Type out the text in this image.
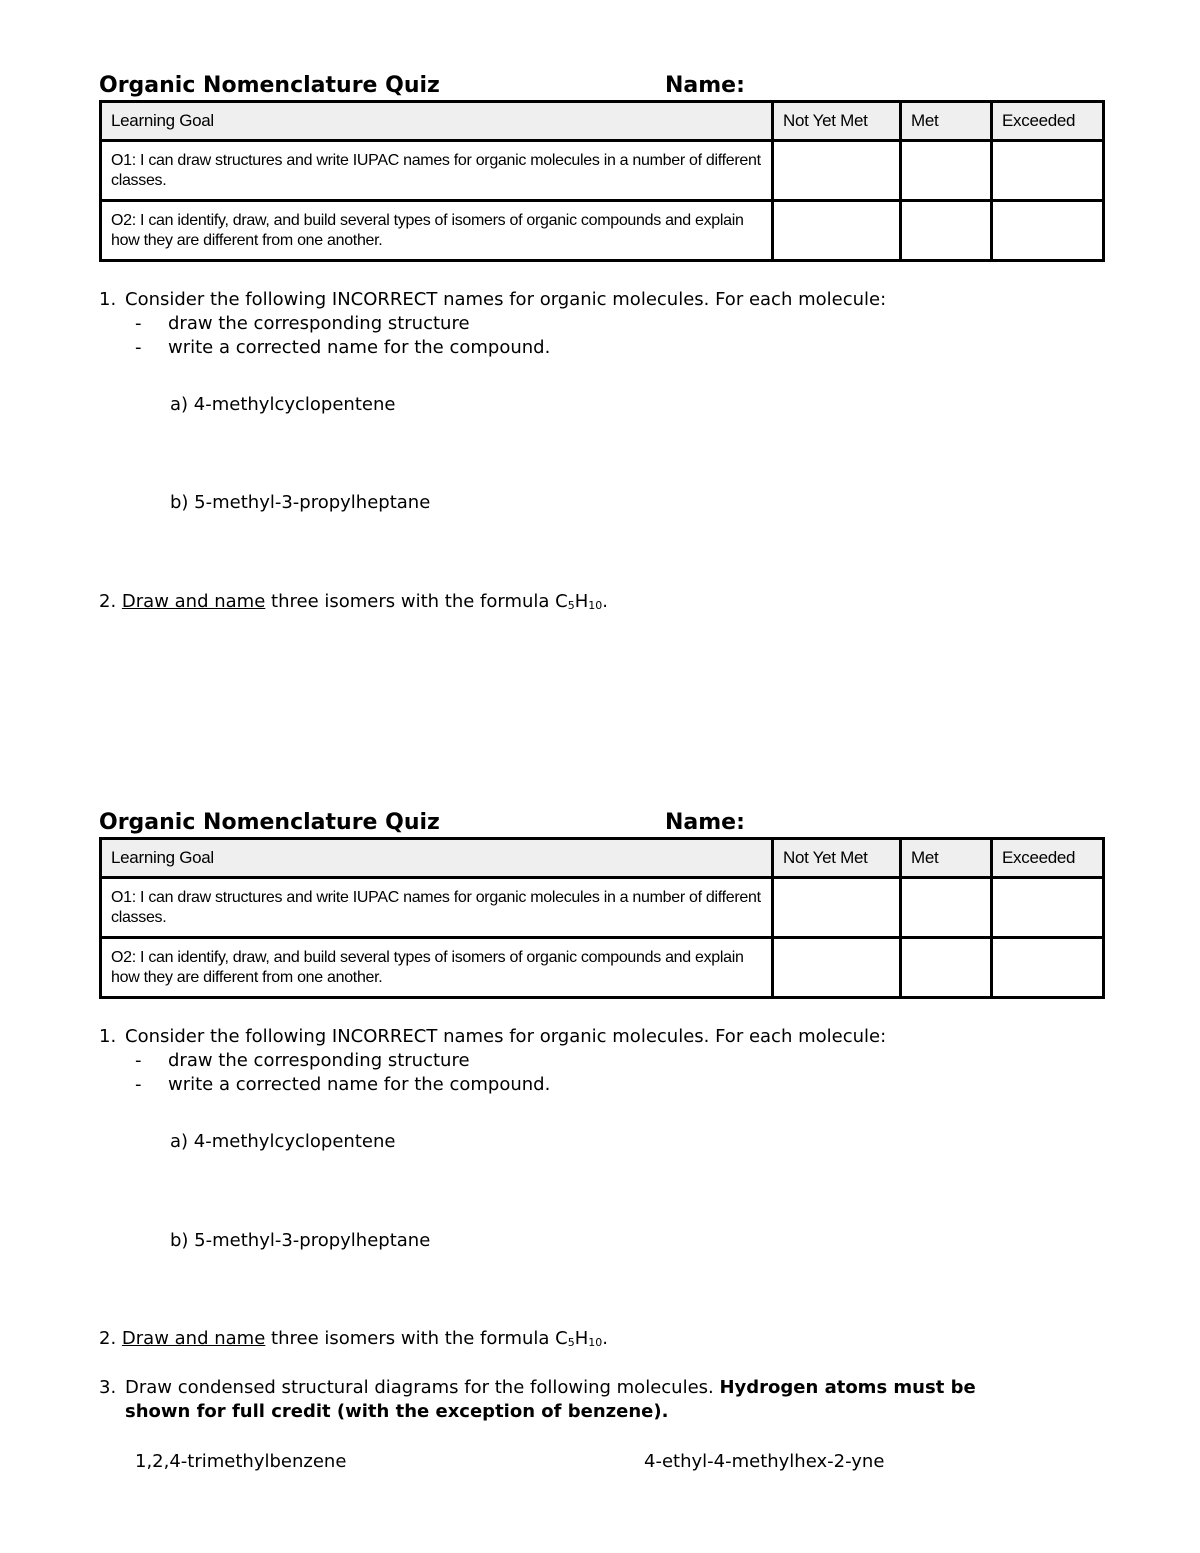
Organic Nomenclature Quiz	Name:
Learning Goal	Not Yet Met	Met	Exceeded
O1: I can draw structures and write IUPAC names for organic molecules in a number of different classes.			
O2: I can identify, draw, and build several types of isomers of organic compounds and explain how they are different from one another.			
1. Consider the following INCORRECT names for organic molecules. For each molecule:
- draw the corresponding structure
- write a corrected name for the compound.
a) 4-methylcyclopentene
b) 5-methyl-3-propylheptane
2. Draw and name three isomers with the formula $C_5H_{10}$.
Organic Nomenclature Quiz	Name:
Learning Goal	Not Yet Met	Met	Exceeded
O1: I can draw structures and write IUPAC names for organic molecules in a number of different classes.			
O2: I can identify, draw, and build several types of isomers of organic compounds and explain how they are different from one another.			
1. Consider the following INCORRECT names for organic molecules. For each molecule:
- draw the corresponding structure
- write a corrected name for the compound.
a) 4-methylcyclopentene
b) 5-methyl-3-propylheptane
2. Draw and name three isomers with the formula $C_5H_{10}$.
3. Draw condensed structural diagrams for the following molecules. Hydrogen atoms must be
shown for full credit (with the exception of benzene).
1,2,4-trimethylbenzene	4-ethyl-4-methylhex-2-yne
